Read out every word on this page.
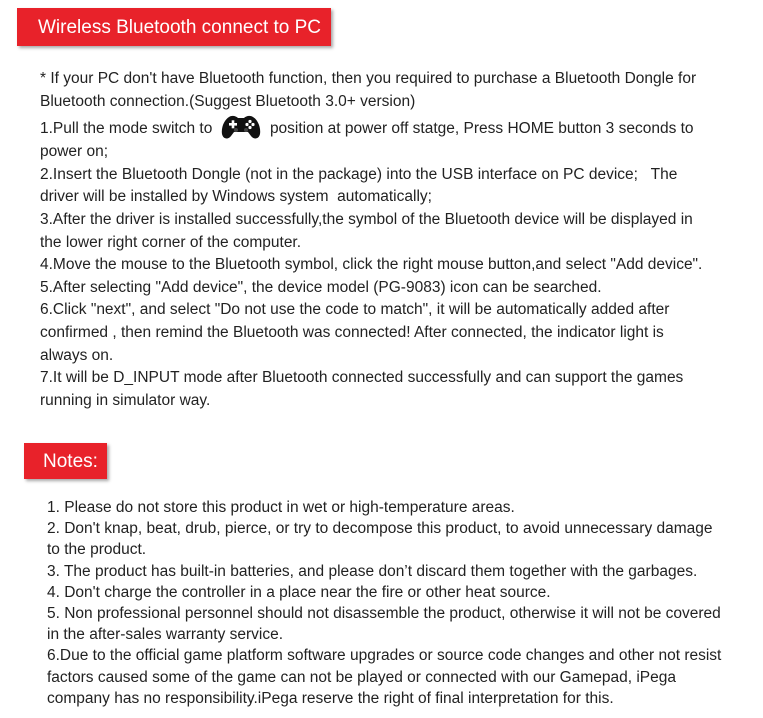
Wireless Bluetooth connect to PC
* If your PC don't have Bluetooth function, then you required to purchase a Bluetooth Dongle for
Bluetooth connection.(Suggest Bluetooth 3.0+ version)
1.Pull the mode switch to	position at power off statge, Press HOME button 3 seconds to
power on;
2.Insert the Bluetooth Dongle (not in the package) into the USB interface on PC device;   The
driver will be installed by Windows system  automatically;
3.After the driver is installed successfully,the symbol of the Bluetooth device will be displayed in
the lower right corner of the computer.
4.Move the mouse to the Bluetooth symbol, click the right mouse button,and select "Add device".
5.After selecting "Add device", the device model (PG-9083) icon can be searched.
6.Click "next", and select "Do not use the code to match", it will be automatically added after
confirmed , then remind the Bluetooth was connected! After connected, the indicator light is
always on.
7.It will be D_INPUT mode after Bluetooth connected successfully and can support the games
running in simulator way.
Notes:
1. Please do not store this product in wet or high-temperature areas.
2. Don't knap, beat, drub, pierce, or try to decompose this product, to avoid unnecessary damage
to the product.
3. The product has built-in batteries, and please don’t discard them together with the garbages.
4. Don't charge the controller in a place near the fire or other heat source.
5. Non professional personnel should not disassemble the product, otherwise it will not be covered
in the after-sales warranty service.
6.Due to the official game platform software upgrades or source code changes and other not resist
factors caused some of the game can not be played or connected with our Gamepad, iPega
company has no responsibility.iPega reserve the right of final interpretation for this.
